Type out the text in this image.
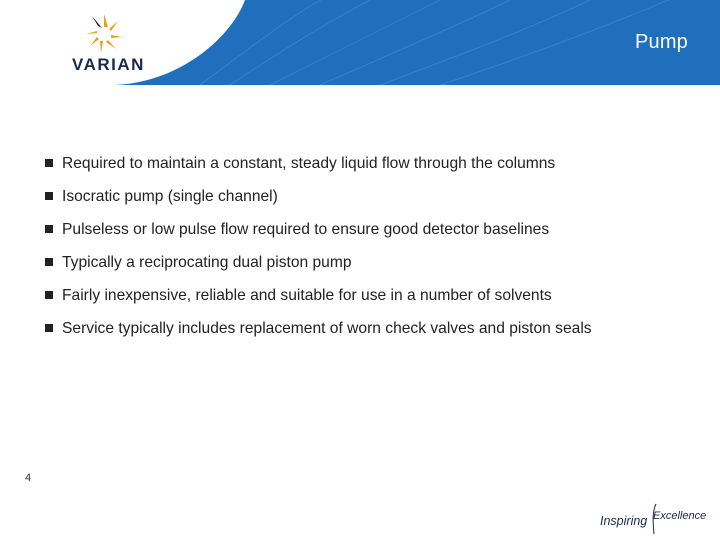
VARIAN
Pump
Required to maintain a constant, steady liquid flow through the columns
Isocratic pump (single channel)
Pulseless or low pulse flow required to ensure good detector baselines
Typically a reciprocating dual piston pump
Fairly inexpensive, reliable and suitable for use in a number of solvents
Service typically includes replacement of worn check valves and piston seals
4
Inspiring Excellence
